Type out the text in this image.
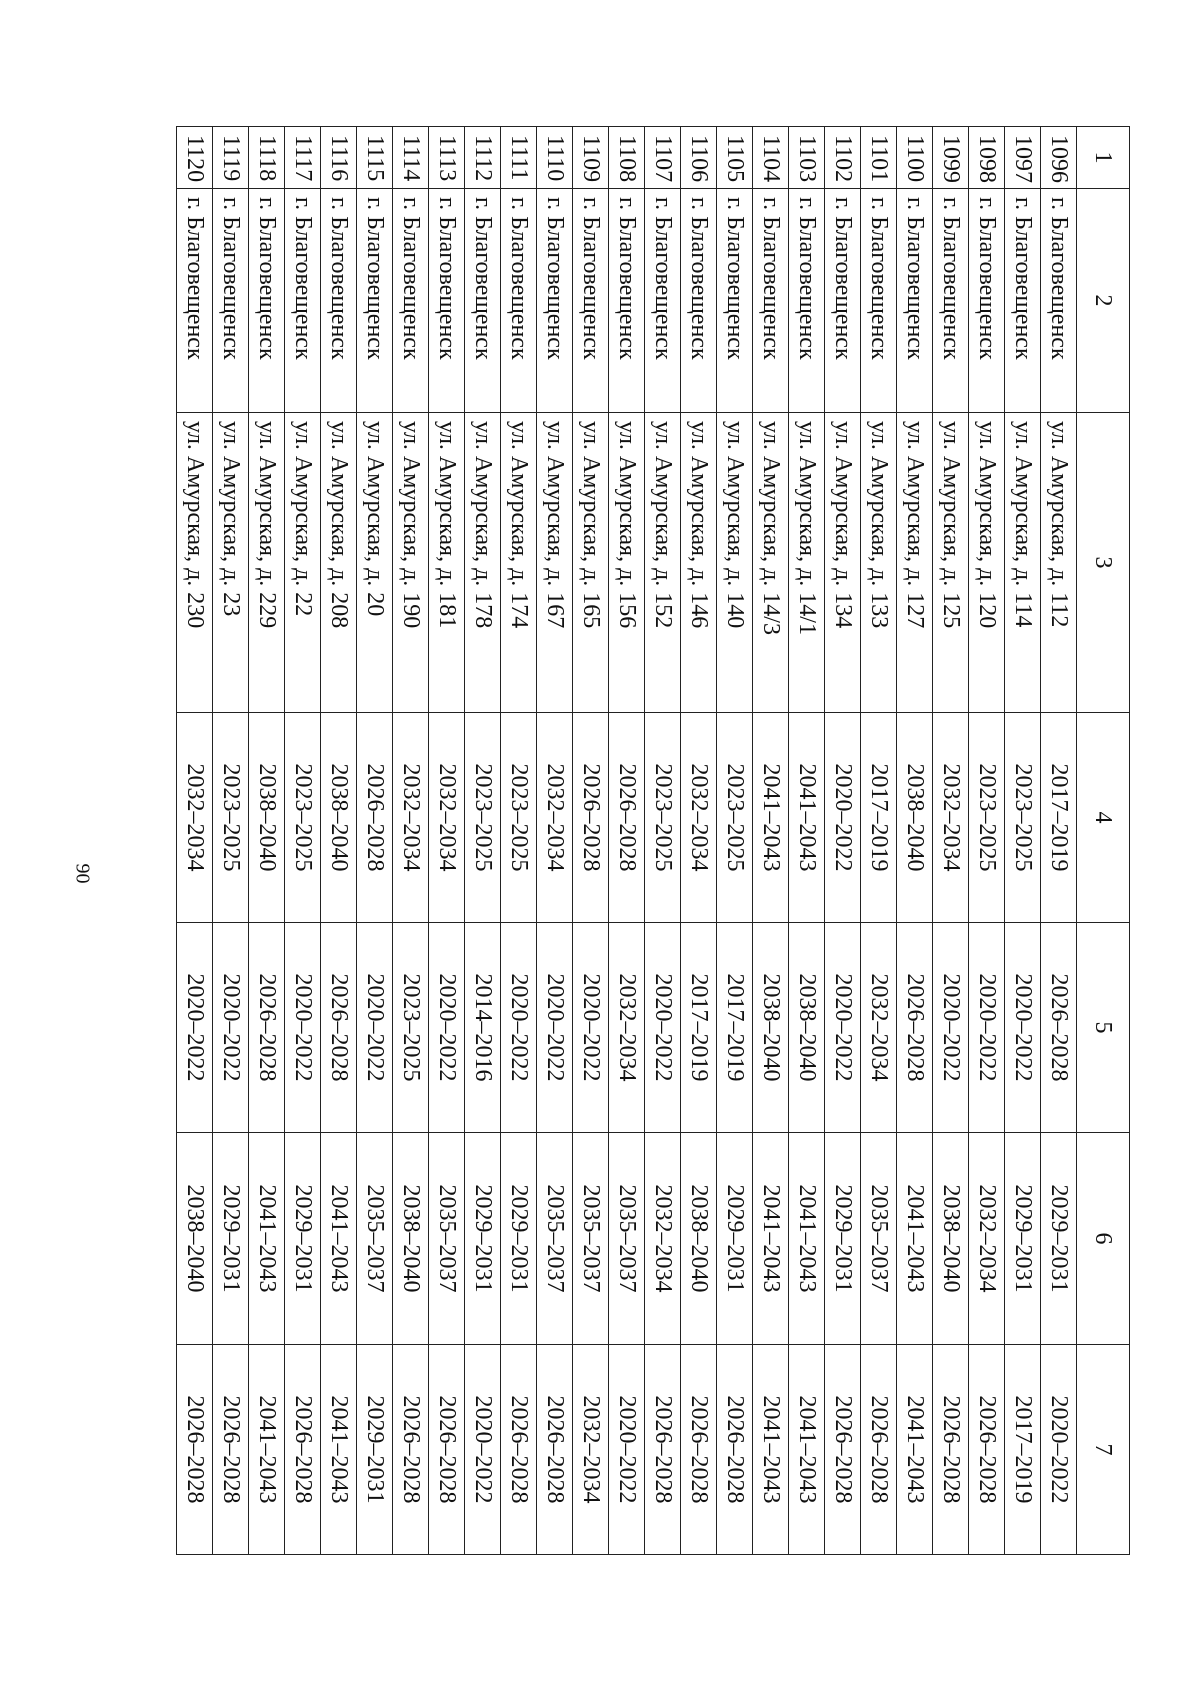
90
1	2	3	4	5	6	7
1096	г. Благовещенск	ул. Амурская, д. 112	2017–2019	2026–2028	2029–2031	2020–2022
1097	г. Благовещенск	ул. Амурская, д. 114	2023–2025	2020–2022	2029–2031	2017–2019
1098	г. Благовещенск	ул. Амурская, д. 120	2023–2025	2020–2022	2032–2034	2026–2028
1099	г. Благовещенск	ул. Амурская, д. 125	2032–2034	2020–2022	2038–2040	2026–2028
1100	г. Благовещенск	ул. Амурская, д. 127	2038–2040	2026–2028	2041–2043	2041–2043
1101	г. Благовещенск	ул. Амурская, д. 133	2017–2019	2032–2034	2035–2037	2026–2028
1102	г. Благовещенск	ул. Амурская, д. 134	2020–2022	2020–2022	2029–2031	2026–2028
1103	г. Благовещенск	ул. Амурская, д. 14/1	2041–2043	2038–2040	2041–2043	2041–2043
1104	г. Благовещенск	ул. Амурская, д. 14/3	2041–2043	2038–2040	2041–2043	2041–2043
1105	г. Благовещенск	ул. Амурская, д. 140	2023–2025	2017–2019	2029–2031	2026–2028
1106	г. Благовещенск	ул. Амурская, д. 146	2032–2034	2017–2019	2038–2040	2026–2028
1107	г. Благовещенск	ул. Амурская, д. 152	2023–2025	2020–2022	2032–2034	2026–2028
1108	г. Благовещенск	ул. Амурская, д. 156	2026–2028	2032–2034	2035–2037	2020–2022
1109	г. Благовещенск	ул. Амурская, д. 165	2026–2028	2020–2022	2035–2037	2032–2034
1110	г. Благовещенск	ул. Амурская, д. 167	2032–2034	2020–2022	2035–2037	2026–2028
1111	г. Благовещенск	ул. Амурская, д. 174	2023–2025	2020–2022	2029–2031	2026–2028
1112	г. Благовещенск	ул. Амурская, д. 178	2023–2025	2014–2016	2029–2031	2020–2022
1113	г. Благовещенск	ул. Амурская, д. 181	2032–2034	2020–2022	2035–2037	2026–2028
1114	г. Благовещенск	ул. Амурская, д. 190	2032–2034	2023–2025	2038–2040	2026–2028
1115	г. Благовещенск	ул. Амурская, д. 20	2026–2028	2020–2022	2035–2037	2029–2031
1116	г. Благовещенск	ул. Амурская, д. 208	2038–2040	2026–2028	2041–2043	2041–2043
1117	г. Благовещенск	ул. Амурская, д. 22	2023–2025	2020–2022	2029–2031	2026–2028
1118	г. Благовещенск	ул. Амурская, д. 229	2038–2040	2026–2028	2041–2043	2041–2043
1119	г. Благовещенск	ул. Амурская, д. 23	2023–2025	2020–2022	2029–2031	2026–2028
1120	г. Благовещенск	ул. Амурская, д. 230	2032–2034	2020–2022	2038–2040	2026–2028
